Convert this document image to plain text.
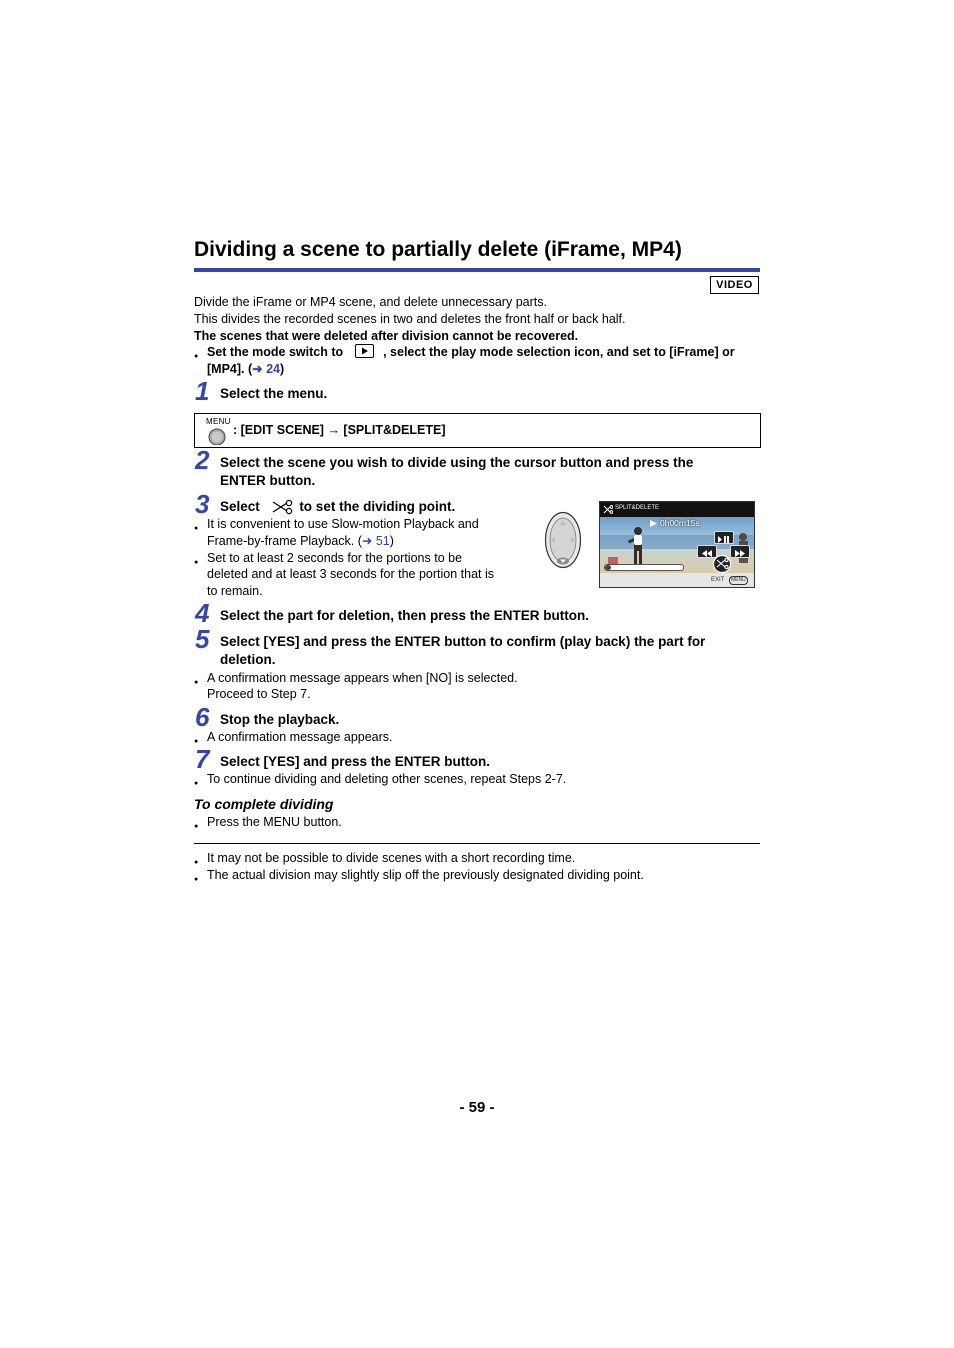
Dividing a scene to partially delete (iFrame, MP4)
VIDEO
Divide the iFrame or MP4 scene, and delete unnecessary parts.
This divides the recorded scenes in two and deletes the front half or back half.
The scenes that were deleted after division cannot be recovered.
● Set the mode switch to	, select the play mode selection icon, and set to [iFrame] or
[MP4]. (➜ 24)
1 Select the menu.
MENU
: [EDIT SCENE] → [SPLIT&DELETE]
2 Select the scene you wish to divide using the cursor button and press the
ENTER button.
3 Select	to set the dividing point.
● It is convenient to use Slow-motion Playback and
Frame-by-frame Playback. (➜ 51)
● Set to at least 2 seconds for the portions to be
deleted and at least 3 seconds for the portion that is
to remain.
SPLIT&DELETE
0h00m15s
EXIT	MENU
4 Select the part for deletion, then press the ENTER button.
5 Select [YES] and press the ENTER button to confirm (play back) the part for
deletion.
● A confirmation message appears when [NO] is selected.
Proceed to Step 7.
6 Stop the playback.
● A confirmation message appears.
7 Select [YES] and press the ENTER button.
● To continue dividing and deleting other scenes, repeat Steps 2-7.
To complete dividing
● Press the MENU button.
● It may not be possible to divide scenes with a short recording time.
● The actual division may slightly slip off the previously designated dividing point.
- 59 -
